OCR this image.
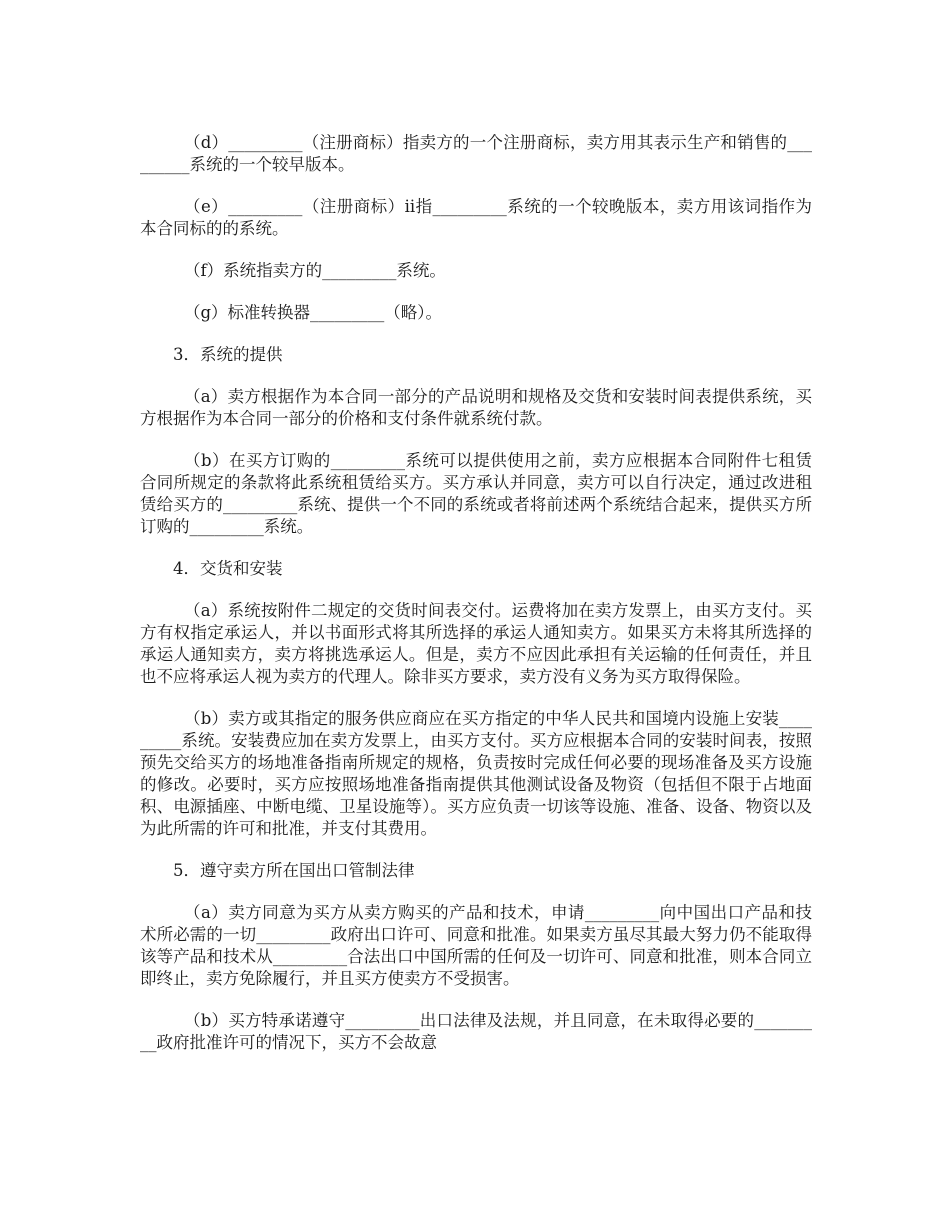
（d）_________（注册商标）指卖方的一个注册商标，卖方用其表示生产和销售的_________系统的一个较早版本。

（e）_________（注册商标）ii指_________系统的一个较晚版本，卖方用该词指作为本合同标的的系统。

（f）系统指卖方的_________系统。

（g）标准转换器_________（略）。

3．系统的提供

（a）卖方根据作为本合同一部分的产品说明和规格及交货和安装时间表提供系统，买方根据作为本合同一部分的价格和支付条件就系统付款。

（b）在买方订购的_________系统可以提供使用之前，卖方应根据本合同附件七租赁合同所规定的条款将此系统租赁给买方。买方承认并同意，卖方可以自行决定，通过改进租赁给买方的_________系统、提供一个不同的系统或者将前述两个系统结合起来，提供买方所订购的_________系统。

4．交货和安装

（a）系统按附件二规定的交货时间表交付。运费将加在卖方发票上，由买方支付。买方有权指定承运人，并以书面形式将其所选择的承运人通知卖方。如果买方未将其所选择的承运人通知卖方，卖方将挑选承运人。但是，卖方不应因此承担有关运输的任何责任，并且也不应将承运人视为卖方的代理人。除非买方要求，卖方没有义务为买方取得保险。

（b）卖方或其指定的服务供应商应在买方指定的中华人民共和国境内设施上安装_________系统。安装费应加在卖方发票上，由买方支付。买方应根据本合同的安装时间表，按照预先交给买方的场地准备指南所规定的规格，负责按时完成任何必要的现场准备及买方设施的修改。必要时，买方应按照场地准备指南提供其他测试设备及物资（包括但不限于占地面积、电源插座、中断电缆、卫星设施等）。买方应负责一切该等设施、准备、设备、物资以及为此所需的许可和批准，并支付其费用。

5．遵守卖方所在国出口管制法律

（a）卖方同意为买方从卖方购买的产品和技术，申请_________向中国出口产品和技术所必需的一切_________政府出口许可、同意和批准。如果卖方虽尽其最大努力仍不能取得该等产品和技术从_________合法出口中国所需的任何及一切许可、同意和批准，则本合同立即终止，卖方免除履行，并且买方使卖方不受损害。

（b）买方特承诺遵守_________出口法律及法规，并且同意，在未取得必要的_________政府批准许可的情况下，买方不会故意
